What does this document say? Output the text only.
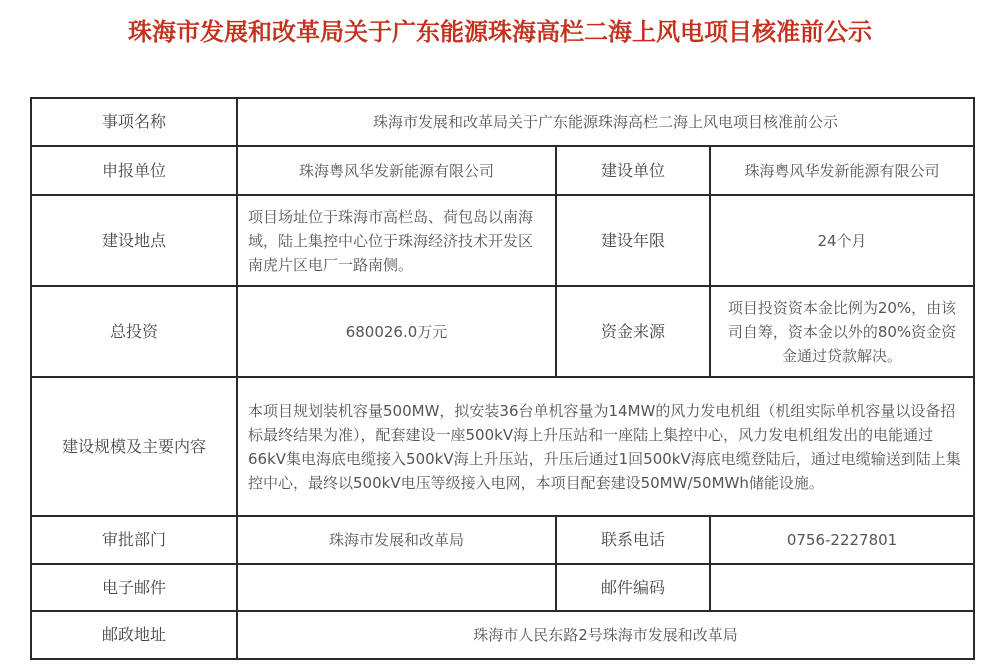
珠海市发展和改革局关于广东能源珠海高栏二海上风电项目核准前公示
事项名称	珠海市发展和改革局关于广东能源珠海高栏二海上风电项目核准前公示		
申报单位	珠海粤风华发新能源有限公司	建设单位	珠海粤风华发新能源有限公司
建设地点	项目场址位于珠海市高栏岛、荷包岛以南海域，陆上集控中心位于珠海经济技术开发区南虎片区电厂一路南侧。	建设年限	24个月
总投资	680026.0万元	资金来源	项目投资资本金比例为20%，由该司自筹，资本金以外的80%资金资金通过贷款解决。
建设规模及主要内容	本项目规划装机容量500MW，拟安装36台单机容量为14MW的风力发电机组（机组实际单机容量以设备招标最终结果为准），配套建设一座500kV海上升压站和一座陆上集控中心，风力发电机组发出的电能通过66kV集电海底电缆接入500kV海上升压站，升压后通过1回500kV海底电缆登陆后，通过电缆输送到陆上集控中心，最终以500kV电压等级接入电网，本项目配套建设50MW/50MWh储能设施。		
审批部门	珠海市发展和改革局	联系电话	0756-2227801
电子邮件		邮件编码	
邮政地址	珠海市人民东路2号珠海市发展和改革局		
